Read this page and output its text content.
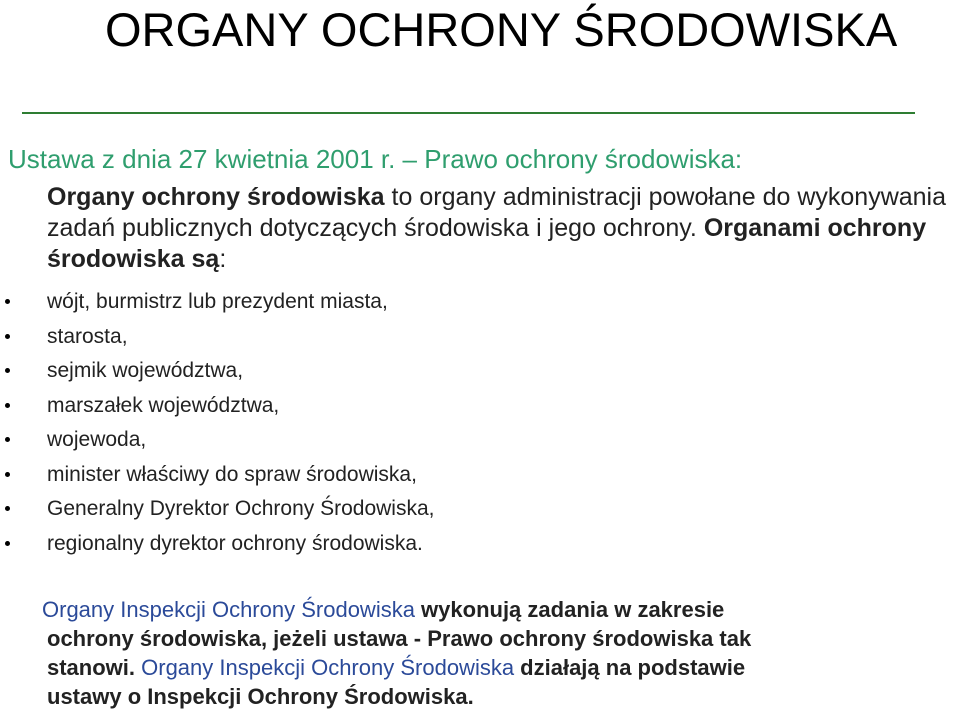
ORGANY OCHRONY ŚRODOWISKA
Ustawa z dnia 27 kwietnia 2001 r. – Prawo ochrony środowiska:
Organy ochrony środowiska to organy administracji powołane do wykonywania zadań publicznych dotyczących środowiska i jego ochrony. Organami ochrony środowiska są:
wójt, burmistrz lub prezydent miasta,
starosta,
sejmik województwa,
marszałek województwa,
wojewoda,
minister właściwy do spraw środowiska,
Generalny Dyrektor Ochrony Środowiska,
regionalny dyrektor ochrony środowiska.
Organy Inspekcji Ochrony Środowiska wykonują zadania w zakresie
ochrony środowiska, jeżeli ustawa - Prawo ochrony środowiska tak
stanowi. Organy Inspekcji Ochrony Środowiska działają na podstawie
ustawy o Inspekcji Ochrony Środowiska.
